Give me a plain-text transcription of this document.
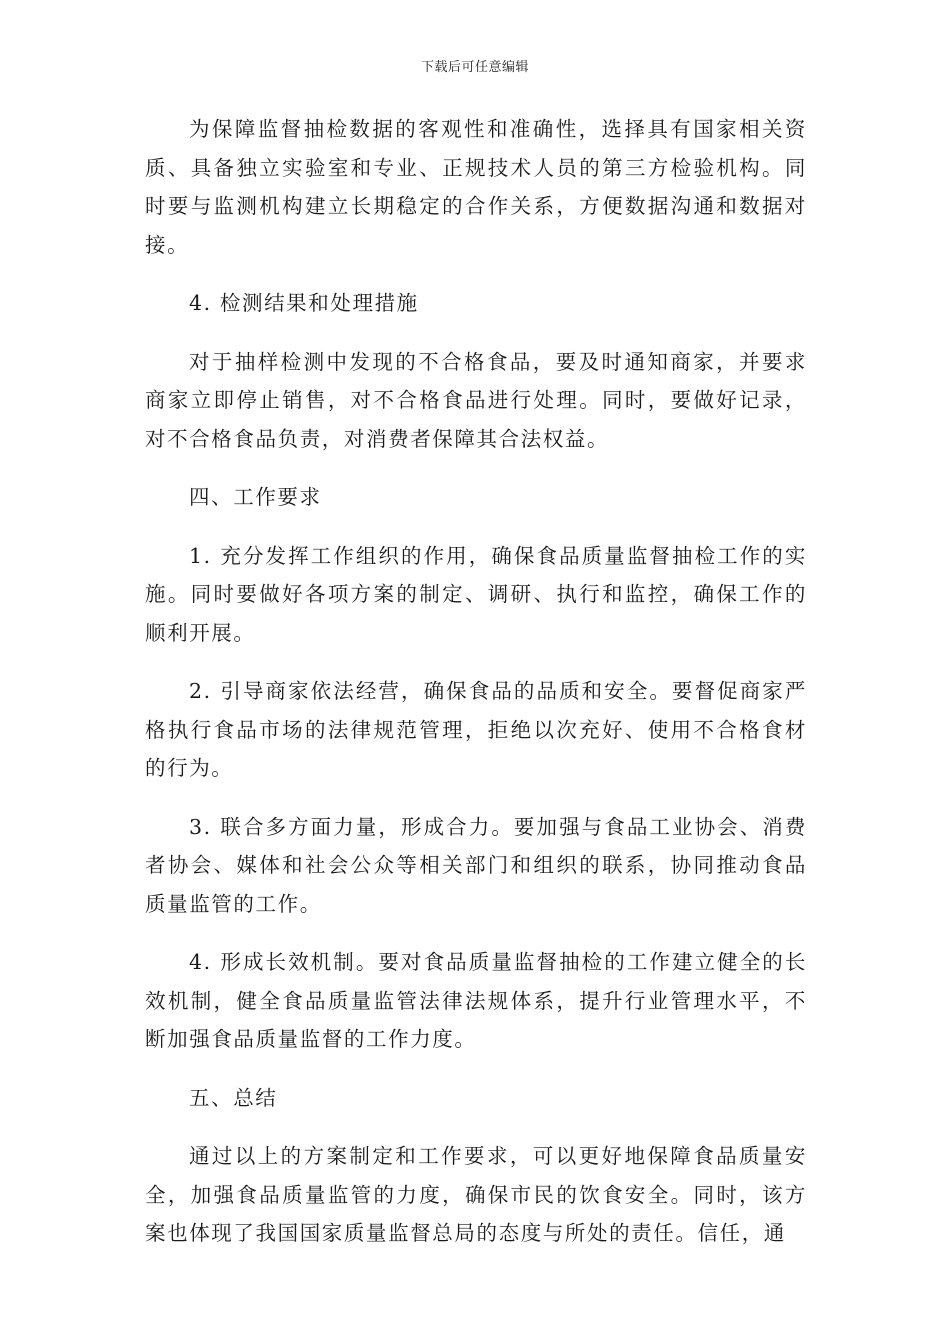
下载后可任意编辑

为保障监督抽检数据的客观性和准确性，选择具有国家相关资质、具备独立实验室和专业、正规技术人员的第三方检验机构。同时要与监测机构建立长期稳定的合作关系，方便数据沟通和数据对接。

4. 检测结果和处理措施

对于抽样检测中发现的不合格食品，要及时通知商家，并要求商家立即停止销售，对不合格食品进行处理。同时，要做好记录，对不合格食品负责，对消费者保障其合法权益。

四、工作要求

1. 充分发挥工作组织的作用，确保食品质量监督抽检工作的实施。同时要做好各项方案的制定、调研、执行和监控，确保工作的顺利开展。

2. 引导商家依法经营，确保食品的品质和安全。要督促商家严格执行食品市场的法律规范管理，拒绝以次充好、使用不合格食材的行为。

3. 联合多方面力量，形成合力。要加强与食品工业协会、消费者协会、媒体和社会公众等相关部门和组织的联系，协同推动食品质量监管的工作。

4. 形成长效机制。要对食品质量监督抽检的工作建立健全的长效机制，健全食品质量监管法律法规体系，提升行业管理水平，不断加强食品质量监督的工作力度。

五、总结

通过以上的方案制定和工作要求，可以更好地保障食品质量安全，加强食品质量监管的力度，确保市民的饮食安全。同时，该方案也体现了我国国家质量监督总局的态度与所处的责任。信任，通
